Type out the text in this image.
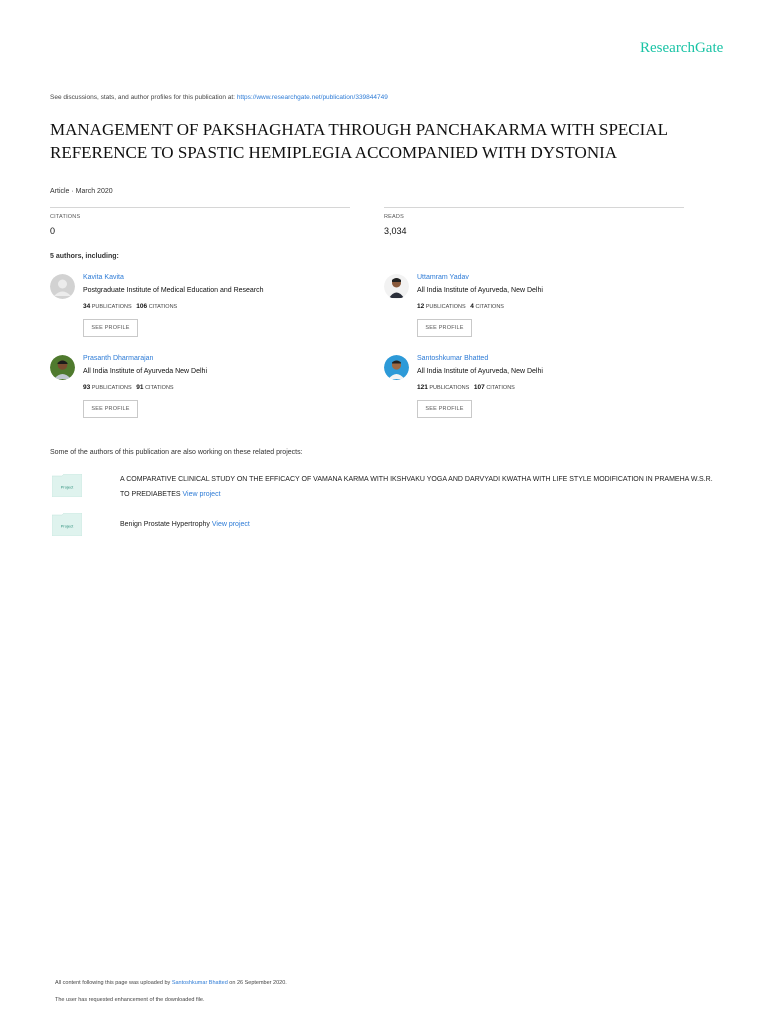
ResearchGate
See discussions, stats, and author profiles for this publication at: https://www.researchgate.net/publication/339844749
MANAGEMENT OF PAKSHAGHATA THROUGH PANCHAKARMA WITH SPECIAL REFERENCE TO SPASTIC HEMIPLEGIA ACCOMPANIED WITH DYSTONIA
Article · March 2020
CITATIONS
0
READS
3,034
5 authors, including:
Kavita Kavita
Postgraduate Institute of Medical Education and Research
34 PUBLICATIONS 106 CITATIONS
SEE PROFILE
Uttamram Yadav
All India Institute of Ayurveda, New Delhi
12 PUBLICATIONS 4 CITATIONS
SEE PROFILE
Prasanth Dharmarajan
All India Institute of Ayurveda New Delhi
93 PUBLICATIONS 91 CITATIONS
SEE PROFILE
Santoshkumar Bhatted
All India Institute of Ayurveda, New Delhi
121 PUBLICATIONS 107 CITATIONS
SEE PROFILE
Some of the authors of this publication are also working on these related projects:
Project
A COMPARATIVE CLINICAL STUDY ON THE EFFICACY OF VAMANA KARMA WITH IKSHVAKU YOGA AND DARVYADI KWATHA WITH LIFE STYLE MODIFICATION IN PRAMEHA W.S.R. TO PREDIABETES View project
Project	Benign Prostate Hypertrophy View project
All content following this page was uploaded by Santoshkumar Bhatted on 26 September 2020.
The user has requested enhancement of the downloaded file.
